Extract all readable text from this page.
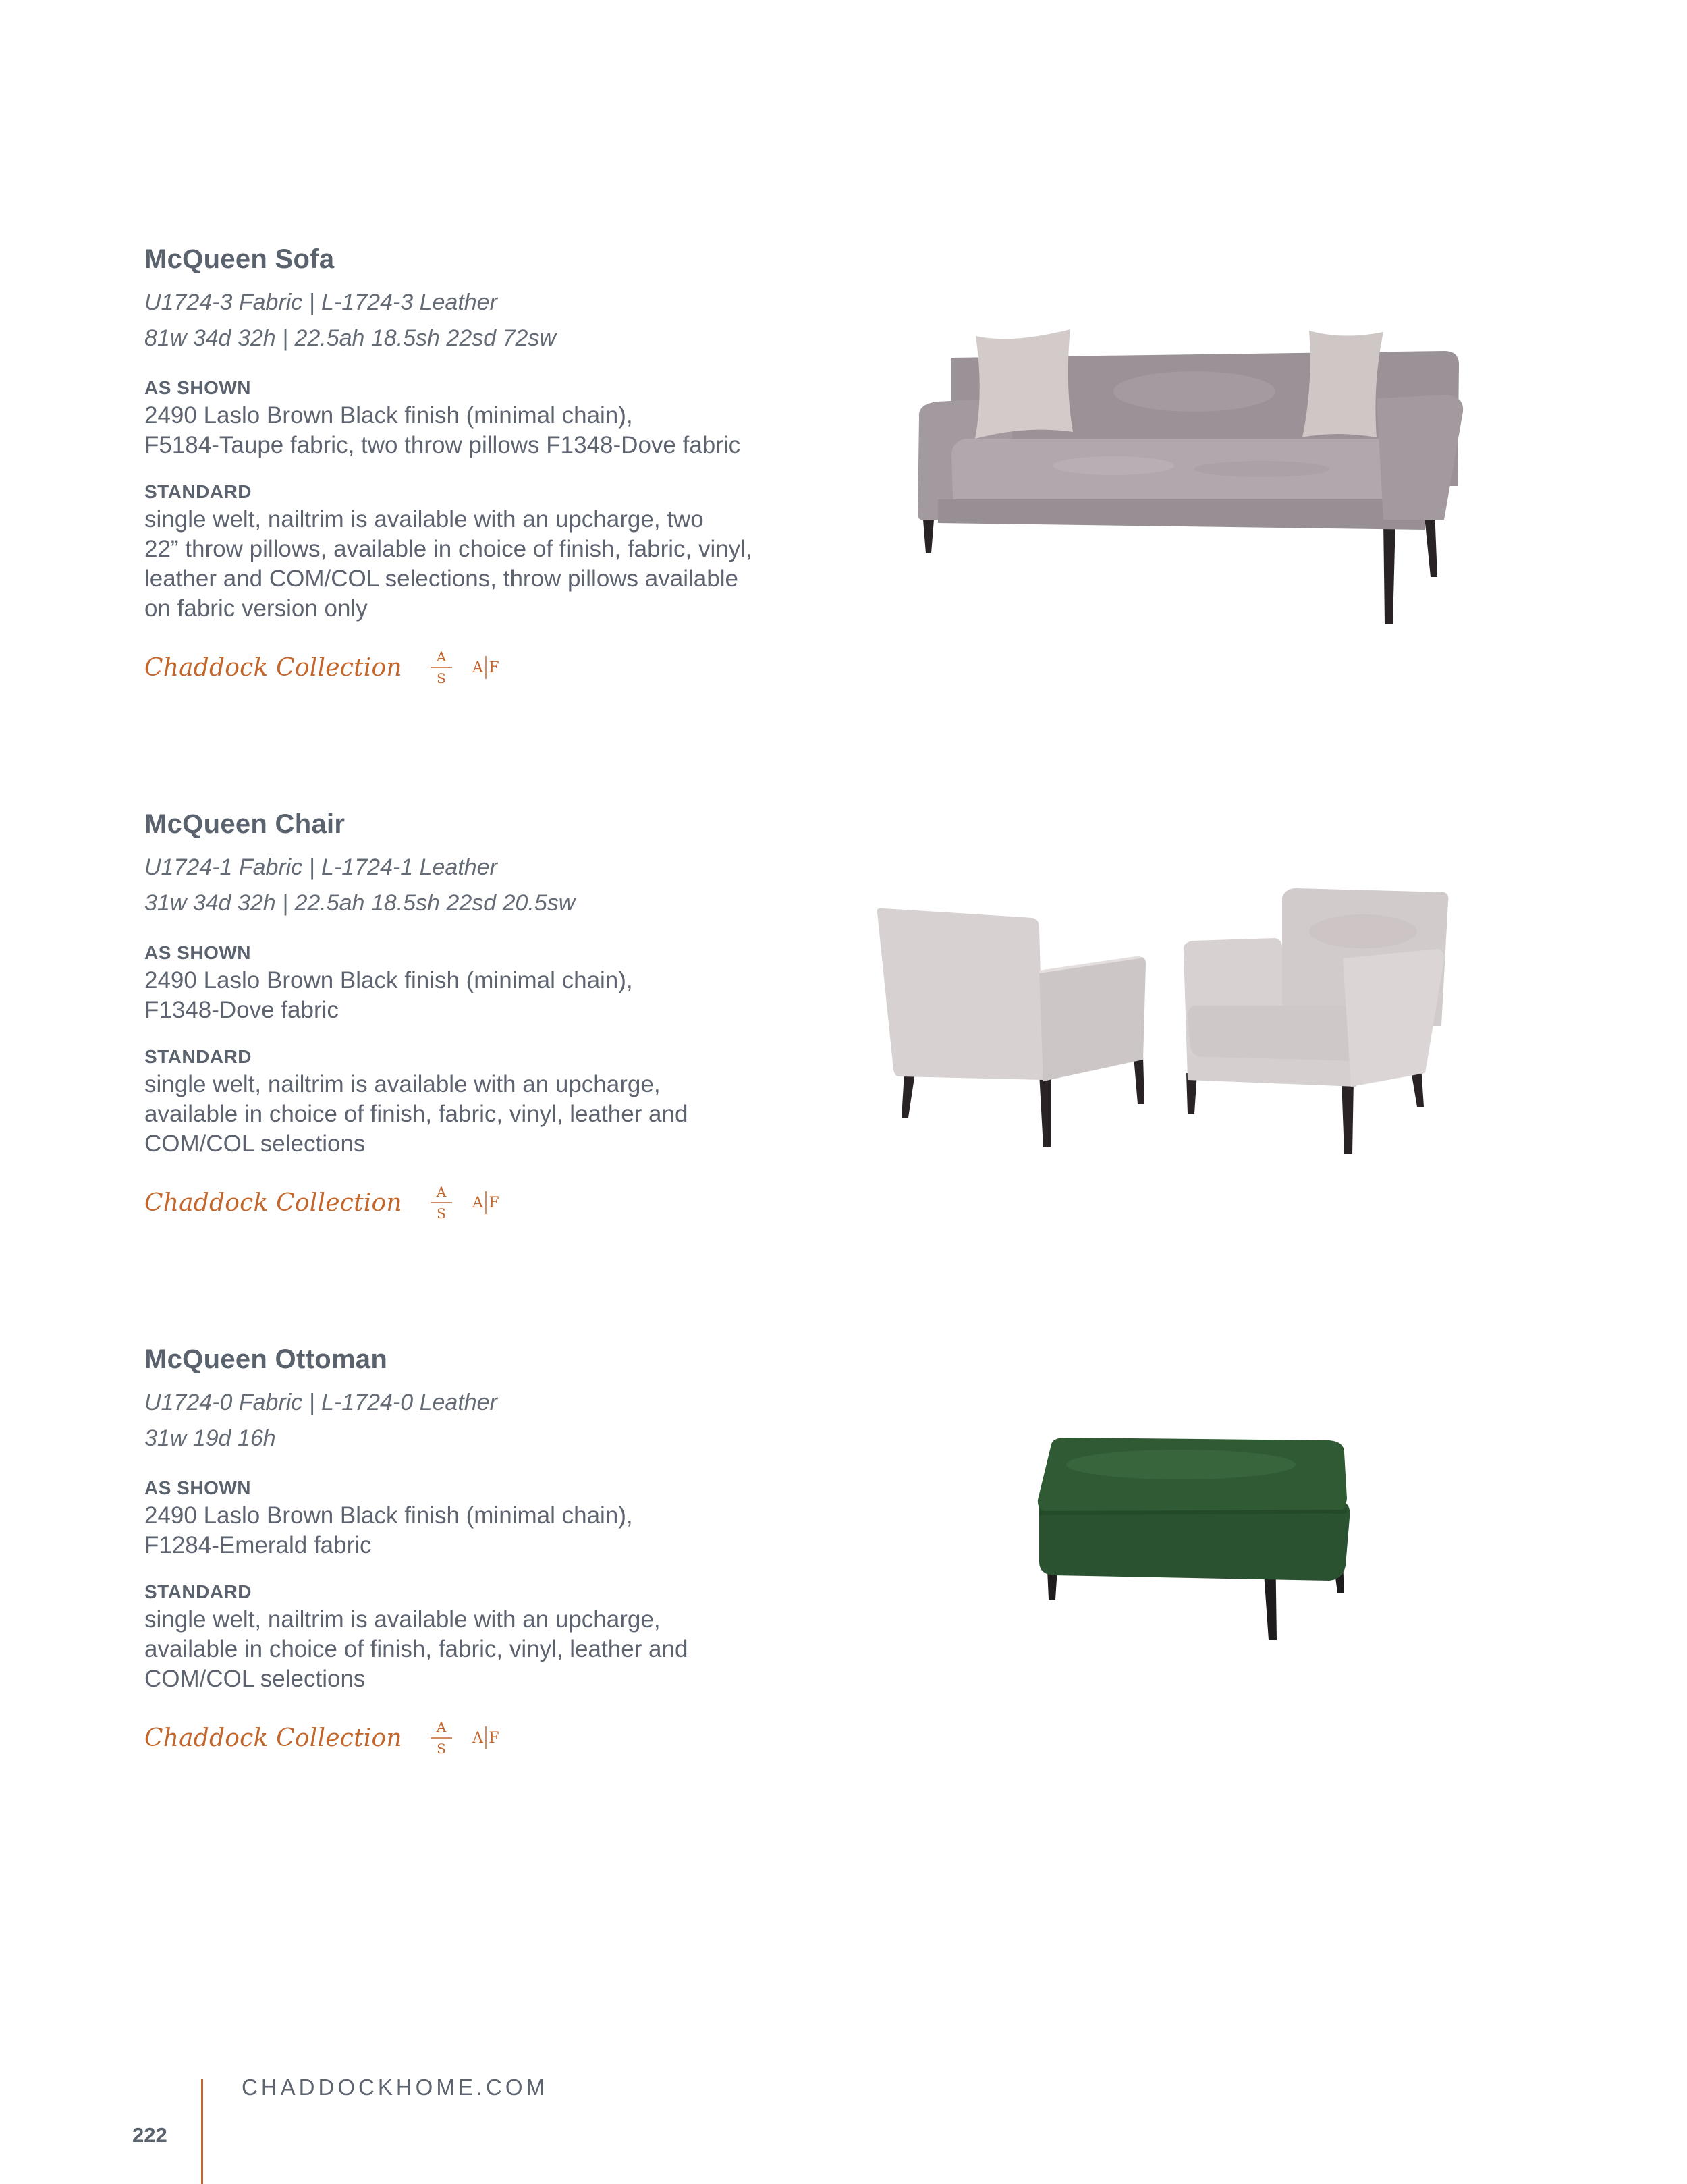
McQueen Sofa
U1724-3 Fabric | L-1724-3 Leather
81w 34d 32h | 22.5ah 18.5sh 22sd 72sw
AS SHOWN
2490 Laslo Brown Black finish (minimal chain),
F5184-Taupe fabric, two throw pillows F1348-Dove fabric
STANDARD
single welt, nailtrim is available with an upcharge, two
22” throw pillows, available in choice of finish, fabric, vinyl,
leather and COM/COL selections, throw pillows available
on fabric version only
Chaddock Collection	A
S
A F
McQueen Chair
U1724-1 Fabric | L-1724-1 Leather
31w 34d 32h | 22.5ah 18.5sh 22sd 20.5sw
AS SHOWN
2490 Laslo Brown Black finish (minimal chain),
F1348-Dove fabric
STANDARD
single welt, nailtrim is available with an upcharge,
available in choice of finish, fabric, vinyl, leather and
COM/COL selections
Chaddock Collection	A
S
A F
McQueen Ottoman
U1724-0 Fabric | L-1724-0 Leather
31w 19d 16h
AS SHOWN
2490 Laslo Brown Black finish (minimal chain),
F1284-Emerald fabric
STANDARD
single welt, nailtrim is available with an upcharge,
available in choice of finish, fabric, vinyl, leather and
COM/COL selections
Chaddock Collection	A
S
A F
CHADDOCKHOME.COM
222
